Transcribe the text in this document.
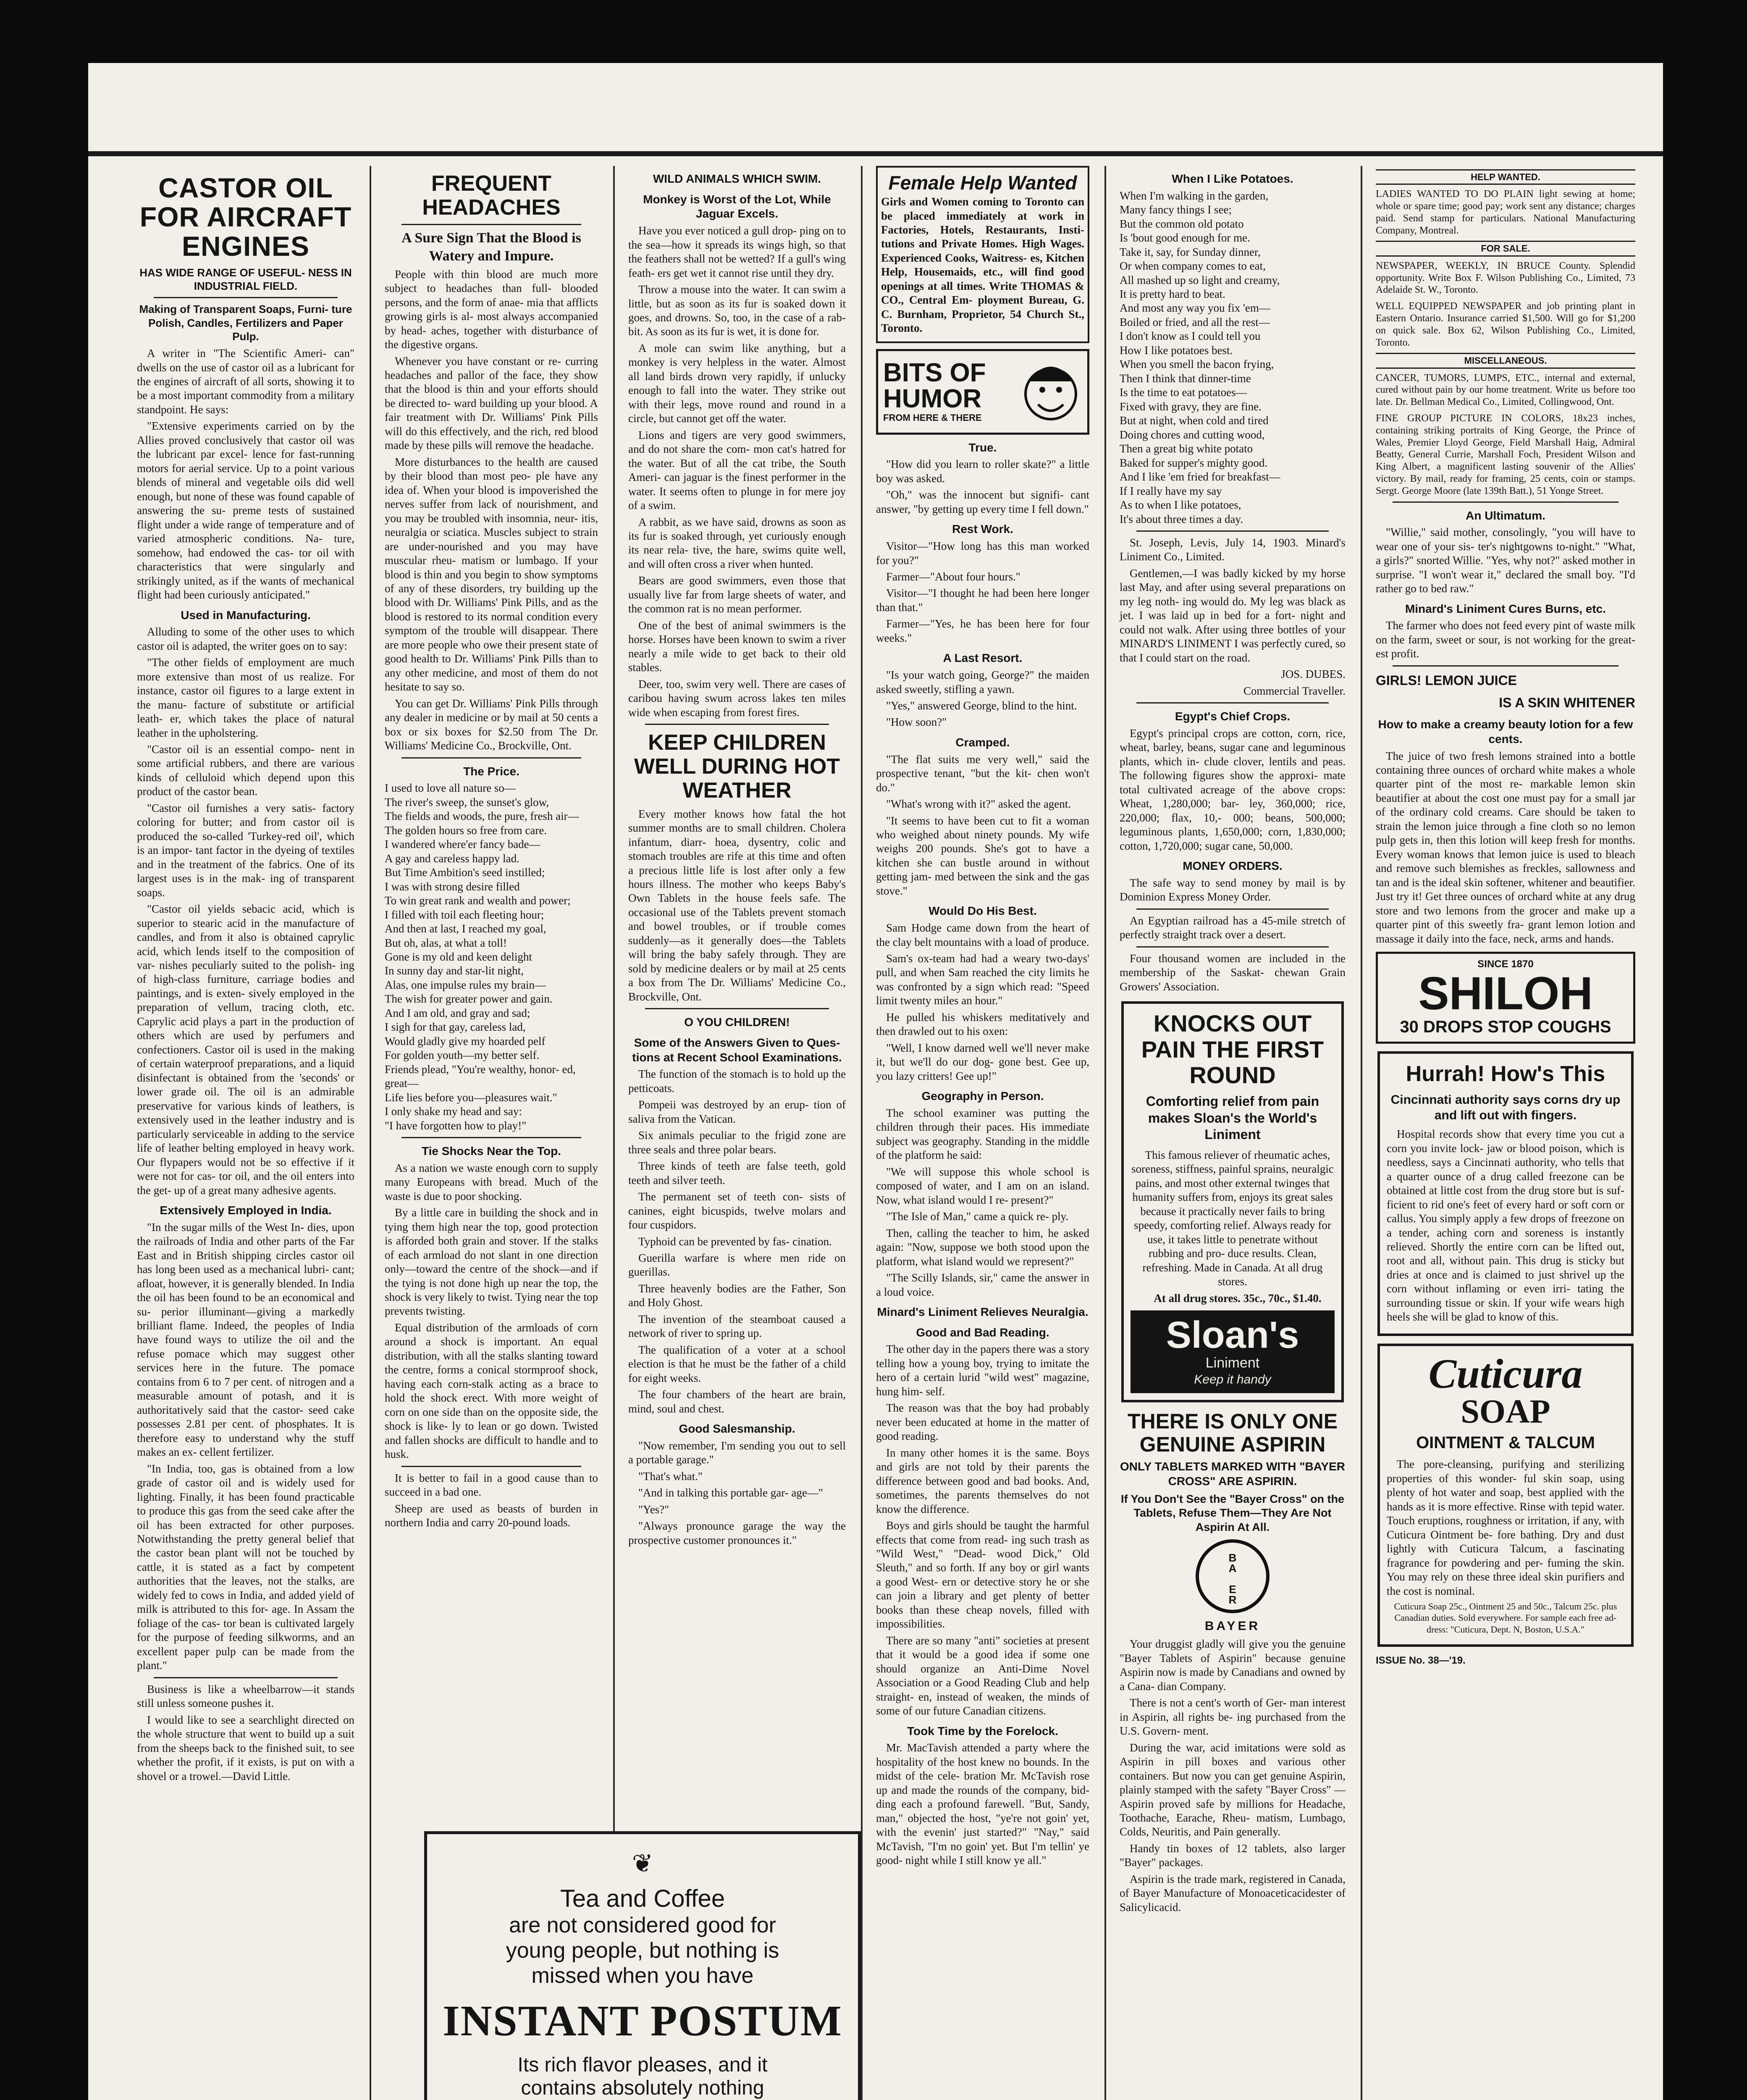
CASTOR OIL FOR AIRCRAFT ENGINES
HAS WIDE RANGE OF USEFUL- NESS IN INDUSTRIAL FIELD.
Making of Transparent Soaps, Furni- ture Polish, Candles, Fertilizers and Paper Pulp.

A writer in "The Scientific Ameri- can" dwells on the use of castor oil as a lubricant for the engines of aircraft of all sorts, showing it to be a most important commodity from a military standpoint. He says:

"Extensive experiments carried on by the Allies proved conclusively that castor oil was the lubricant par excel- lence for fast-running motors for aerial service. Up to a point various blends of mineral and vegetable oils did well enough, but none of these was found capable of answering the su- preme tests of sustained flight under a wide range of temperature and of varied atmospheric conditions. Na- ture, somehow, had endowed the cas- tor oil with characteristics that were singularly and strikingly united, as if the wants of mechanical flight had been curiously anticipated."

Used in Manufacturing.

Alluding to some of the other uses to which castor oil is adapted, the writer goes on to say:

"The other fields of employment are much more extensive than most of us realize. For instance, castor oil figures to a large extent in the manu- facture of substitute or artificial leath- er, which takes the place of natural leather in the upholstering.

"Castor oil is an essential compo- nent in some artificial rubbers, and there are various kinds of celluloid which depend upon this product of the castor bean.

"Castor oil furnishes a very satis- factory coloring for butter; and from castor oil is produced the so-called 'Turkey-red oil', which is an impor- tant factor in the dyeing of textiles and in the treatment of the fabrics. One of its largest uses is in the mak- ing of transparent soaps.

"Castor oil yields sebacic acid, which is superior to stearic acid in the manufacture of candles, and from it also is obtained caprylic acid, which lends itself to the composition of var- nishes peculiarly suited to the polish- ing of high-class furniture, carriage bodies and paintings, and is exten- sively employed in the preparation of vellum, tracing cloth, etc. Caprylic acid plays a part in the production of others which are used by perfumers and confectioners. Castor oil is used in the making of certain waterproof preparations, and a liquid disinfectant is obtained from the 'seconds' or lower grade oil. The oil is an admirable preservative for various kinds of leathers, is extensively used in the leather industry and is particularly serviceable in adding to the service life of leather belting employed in heavy work. Our flypapers would not be so effective if it were not for cas- tor oil, and the oil enters into the get- up of a great many adhesive agents.

Extensively Employed in India.

"In the sugar mills of the West In- dies, upon the railroads of India and other parts of the Far East and in British shipping circles castor oil has long been used as a mechanical lubri- cant; afloat, however, it is generally blended. In India the oil has been found to be an economical and su- perior illuminant—giving a markedly brilliant flame. Indeed, the peoples of India have found ways to utilize the oil and the refuse pomace which may suggest other services here in the future. The pomace contains from 6 to 7 per cent. of nitrogen and a measurable amount of potash, and it is authoritatively said that the castor- seed cake possesses 2.81 per cent. of phosphates. It is therefore easy to understand why the stuff makes an ex- cellent fertilizer.

"In India, too, gas is obtained from a low grade of castor oil and is widely used for lighting. Finally, it has been found practicable to produce this gas from the seed cake after the oil has been extracted for other purposes. Notwithstanding the pretty general belief that the castor bean plant will not be touched by cattle, it is stated as a fact by competent authorities that the leaves, not the stalks, are widely fed to cows in India, and added yield of milk is attributed to this for- age. In Assam the foliage of the cas- tor bean is cultivated largely for the purpose of feeding silkworms, and an excellent paper pulp can be made from the plant."

Business is like a wheelbarrow—it stands still unless someone pushes it.

I would like to see a searchlight directed on the whole structure that went to build up a suit from the sheeps back to the finished suit, to see whether the profit, if it exists, is put on with a shovel or a trowel.—David Little.

FREQUENT HEADACHES
A Sure Sign That the Blood is Watery and Impure.

People with thin blood are much more subject to headaches than full- blooded persons, and the form of anae- mia that afflicts growing girls is al- most always accompanied by head- aches, together with disturbance of the digestive organs.

Whenever you have constant or re- curring headaches and pallor of the face, they show that the blood is thin and your efforts should be directed to- ward building up your blood. A fair treatment with Dr. Williams' Pink Pills will do this effectively, and the rich, red blood made by these pills will remove the headache.

More disturbances to the health are caused by their blood than most peo- ple have any idea of. When your blood is impoverished the nerves suffer from lack of nourishment, and you may be troubled with insomnia, neur- itis, neuralgia or sciatica. Muscles subject to strain are under-nourished and you may have muscular rheu- matism or lumbago. If your blood is thin and you begin to show symptoms of any of these disorders, try building up the blood with Dr. Williams' Pink Pills, and as the blood is restored to its normal condition every symptom of the trouble will disappear. There are more people who owe their present state of good health to Dr. Williams' Pink Pills than to any other medicine, and most of them do not hesitate to say so.

You can get Dr. Williams' Pink Pills through any dealer in medicine or by mail at 50 cents a box or six boxes for $2.50 from The Dr. Williams' Medicine Co., Brockville, Ont.

The Price.

I used to love all nature so—

The river's sweep, the sunset's glow,

The fields and woods, the pure, fresh air—

The golden hours so free from care.

I wandered where'er fancy bade—

A gay and careless happy lad.

But Time Ambition's seed instilled;

I was with strong desire filled

To win great rank and wealth and power;

I filled with toil each fleeting hour;

And then at last, I reached my goal,

But oh, alas, at what a toll!

Gone is my old and keen delight

In sunny day and star-lit night,

Alas, one impulse rules my brain—

The wish for greater power and gain.

And I am old, and gray and sad;

I sigh for that gay, careless lad,

Would gladly give my hoarded pelf

For golden youth—my better self.

Friends plead, "You're wealthy, honor- ed, great—

Life lies before you—pleasures wait."

I only shake my head and say:

"I have forgotten how to play!"

Tie Shocks Near the Top.

As a nation we waste enough corn to supply many Europeans with bread. Much of the waste is due to poor shocking.

By a little care in building the shock and in tying them high near the top, good protection is afforded both grain and stover. If the stalks of each armload do not slant in one direction only—toward the centre of the shock—and if the tying is not done high up near the top, the shock is very likely to twist. Tying near the top prevents twisting.

Equal distribution of the armloads of corn around a shock is important. An equal distribution, with all the stalks slanting toward the centre, forms a conical stormproof shock, having each corn-stalk acting as a brace to hold the shock erect. With more weight of corn on one side than on the opposite side, the shock is like- ly to lean or go down. Twisted and fallen shocks are difficult to handle and to husk.

It is better to fail in a good cause than to succeed in a bad one.

Sheep are used as beasts of burden in northern India and carry 20-pound loads.

WILD ANIMALS WHICH SWIM.
Monkey is Worst of the Lot, While Jaguar Excels.

Have you ever noticed a gull drop- ping on to the sea—how it spreads its wings high, so that the feathers shall not be wetted? If a gull's wing feath- ers get wet it cannot rise until they dry.

Throw a mouse into the water. It can swim a little, but as soon as its fur is soaked down it goes, and drowns. So, too, in the case of a rab- bit. As soon as its fur is wet, it is done for.

A mole can swim like anything, but a monkey is very helpless in the water. Almost all land birds drown very rapidly, if unlucky enough to fall into the water. They strike out with their legs, move round and round in a circle, but cannot get off the water.

Lions and tigers are very good swimmers, and do not share the com- mon cat's hatred for the water. But of all the cat tribe, the South Ameri- can jaguar is the finest performer in the water. It seems often to plunge in for mere joy of a swim.

A rabbit, as we have said, drowns as soon as its fur is soaked through, yet curiously enough its near rela- tive, the hare, swims quite well, and will often cross a river when hunted.

Bears are good swimmers, even those that usually live far from large sheets of water, and the common rat is no mean performer.

One of the best of animal swimmers is the horse. Horses have been known to swim a river nearly a mile wide to get back to their old stables.

Deer, too, swim very well. There are cases of caribou having swum across lakes ten miles wide when escaping from forest fires.

KEEP CHILDREN WELL DURING HOT WEATHER

Every mother knows how fatal the hot summer months are to small children. Cholera infantum, diarr- hoea, dysentry, colic and stomach troubles are rife at this time and often a precious little life is lost after only a few hours illness. The mother who keeps Baby's Own Tablets in the house feels safe. The occasional use of the Tablets prevent stomach and bowel troubles, or if trouble comes suddenly—as it generally does—the Tablets will bring the baby safely through. They are sold by medicine dealers or by mail at 25 cents a box from The Dr. Williams' Medicine Co., Brockville, Ont.

O YOU CHILDREN!
Some of the Answers Given to Ques- tions at Recent School Examinations.

The function of the stomach is to hold up the petticoats.

Pompeii was destroyed by an erup- tion of saliva from the Vatican.

Six animals peculiar to the frigid zone are three seals and three polar bears.

Three kinds of teeth are false teeth, gold teeth and silver teeth.

The permanent set of teeth con- sists of canines, eight bicuspids, twelve molars and four cuspidors.

Typhoid can be prevented by fas- cination.

Guerilla warfare is where men ride on guerillas.

Three heavenly bodies are the Father, Son and Holy Ghost.

The invention of the steamboat caused a network of river to spring up.

The qualification of a voter at a school election is that he must be the father of a child for eight weeks.

The four chambers of the heart are brain, mind, soul and chest.

Good Salesmanship.

"Now remember, I'm sending you out to sell a portable garage."

"That's what."

"And in talking this portable gar- age—"

"Yes?"

"Always pronounce garage the way the prospective customer pronounces it."

❦
Tea and Coffee
are not considered good for
young people, but nothing is
missed when you have
INSTANT POSTUM
Its rich flavor pleases, and it
contains absolutely nothing
Female Help Wanted

Girls and Women coming to Toronto can be placed immediately at work in Factories, Hotels, Restaurants, Insti- tutions and Private Homes. High Wages. Experienced Cooks, Waitress- es, Kitchen Help, Housemaids, etc., will find good openings at all times. Write THOMAS & CO., Central Em- ployment Bureau, G. C. Burnham, Proprietor, 54 Church St., Toronto.

BITS OF
HUMOR
FROM HERE & THERE
True.

"How did you learn to roller skate?" a little boy was asked.

"Oh," was the innocent but signifi- cant answer, "by getting up every time I fell down."

Rest Work.

Visitor—"How long has this man worked for you?"

Farmer—"About four hours."

Visitor—"I thought he had been here longer than that."

Farmer—"Yes, he has been here for four weeks."

A Last Resort.

"Is your watch going, George?" the maiden asked sweetly, stifling a yawn.

"Yes," answered George, blind to the hint.

"How soon?"

Cramped.

"The flat suits me very well," said the prospective tenant, "but the kit- chen won't do."

"What's wrong with it?" asked the agent.

"It seems to have been cut to fit a woman who weighed about ninety pounds. My wife weighs 200 pounds. She's got to have a kitchen she can bustle around in without getting jam- med between the sink and the gas stove."

Would Do His Best.

Sam Hodge came down from the heart of the clay belt mountains with a load of produce.

Sam's ox-team had had a weary two-days' pull, and when Sam reached the city limits he was confronted by a sign which read: "Speed limit twenty miles an hour."

He pulled his whiskers meditatively and then drawled out to his oxen:

"Well, I know darned well we'll never make it, but we'll do our dog- gone best. Gee up, you lazy critters! Gee up!"

Geography in Person.

The school examiner was putting the children through their paces. His immediate subject was geography. Standing in the middle of the platform he said:

"We will suppose this whole school is composed of water, and I am on an island. Now, what island would I re- present?"

"The Isle of Man," came a quick re- ply.

Then, calling the teacher to him, he asked again: "Now, suppose we both stood upon the platform, what island would we represent?"

"The Scilly Islands, sir," came the answer in a loud voice.

Minard's Liniment Relieves Neuralgia.
Good and Bad Reading.

The other day in the papers there was a story telling how a young boy, trying to imitate the hero of a certain lurid "wild west" magazine, hung him- self.

The reason was that the boy had probably never been educated at home in the matter of good reading.

In many other homes it is the same. Boys and girls are not told by their parents the difference between good and bad books. And, sometimes, the parents themselves do not know the difference.

Boys and girls should be taught the harmful effects that come from read- ing such trash as "Wild West," "Dead- wood Dick," Old Sleuth," and so forth. If any boy or girl wants a good West- ern or detective story he or she can join a library and get plenty of better books than these cheap novels, filled with impossibilities.

There are so many "anti" societies at present that it would be a good idea if some one should organize an Anti-Dime Novel Association or a Good Reading Club and help straight- en, instead of weaken, the minds of some of our future Canadian citizens.

Took Time by the Forelock.

Mr. MacTavish attended a party where the hospitality of the host knew no bounds. In the midst of the cele- bration Mr. McTavish rose up and made the rounds of the company, bid- ding each a profound farewell. "But, Sandy, man," objected the host, "ye're not goin' yet, with the evenin' just started?" "Nay," said McTavish, "I'm no goin' yet. But I'm tellin' ye good- night while I still know ye all."

When I Like Potatoes.

When I'm walking in the garden,

Many fancy things I see;

But the common old potato

Is 'bout good enough for me.

Take it, say, for Sunday dinner,

Or when company comes to eat,

All mashed up so light and creamy,

It is pretty hard to beat.

And most any way you fix 'em—

Boiled or fried, and all the rest—

I don't know as I could tell you

How I like potatoes best.

When you smell the bacon frying,

Then I think that dinner-time

Is the time to eat potatoes—

Fixed with gravy, they are fine.

But at night, when cold and tired

Doing chores and cutting wood,

Then a great big white potato

Baked for supper's mighty good.

And I like 'em fried for breakfast—

If I really have my say

As to when I like potatoes,

It's about three times a day.

St. Joseph, Levis, July 14, 1903. Minard's Liniment Co., Limited.

Gentlemen,—I was badly kicked by my horse last May, and after using several preparations on my leg noth- ing would do. My leg was black as jet. I was laid up in bed for a fort- night and could not walk. After using three bottles of your MINARD'S LINIMENT I was perfectly cured, so that I could start on the road.

JOS. DUBES.

Commercial Traveller.

Egypt's Chief Crops.

Egypt's principal crops are cotton, corn, rice, wheat, barley, beans, sugar cane and leguminous plants, which in- clude clover, lentils and peas. The following figures show the approxi- mate total cultivated acreage of the above crops: Wheat, 1,280,000; bar- ley, 360,000; rice, 220,000; flax, 10,- 000; beans, 500,000; leguminous plants, 1,650,000; corn, 1,830,000; cotton, 1,720,000; sugar cane, 50,000.

MONEY ORDERS.

The safe way to send money by mail is by Dominion Express Money Order.

An Egyptian railroad has a 45-mile stretch of perfectly straight track over a desert.

Four thousand women are included in the membership of the Saskat- chewan Grain Growers' Association.

KNOCKS OUT PAIN THE FIRST ROUND
Comforting relief from pain makes Sloan's the World's Liniment

This famous reliever of rheumatic aches, soreness, stiffness, painful sprains, neuralgic pains, and most other external twinges that humanity suffers from, enjoys its great sales because it practically never fails to bring speedy, comforting relief. Always ready for use, it takes little to penetrate without rubbing and pro- duce results. Clean, refreshing. Made in Canada. At all drug stores.

At all drug stores. 35c., 70c., $1.40.

Sloan's
Liniment
Keep it handy
THERE IS ONLY ONE GENUINE ASPIRIN
ONLY TABLETS MARKED WITH "BAYER CROSS" ARE ASPIRIN.
If You Don't See the "Bayer Cross" on the Tablets, Refuse Them—They Are Not Aspirin At All.
B
A
E
R
BAYER

Your druggist gladly will give you the genuine "Bayer Tablets of Aspirin" because genuine Aspirin now is made by Canadians and owned by a Cana- dian Company.

There is not a cent's worth of Ger- man interest in Aspirin, all rights be- ing purchased from the U.S. Govern- ment.

During the war, acid imitations were sold as Aspirin in pill boxes and various other containers. But now you can get genuine Aspirin, plainly stamped with the safety "Bayer Cross" —Aspirin proved safe by millions for Headache, Toothache, Earache, Rheu- matism, Lumbago, Colds, Neuritis, and Pain generally.

Handy tin boxes of 12 tablets, also larger "Bayer" packages.

Aspirin is the trade mark, registered in Canada, of Bayer Manufacture of Monoaceticacidester of Salicylicacid.

HELP WANTED.

LADIES WANTED TO DO PLAIN light sewing at home; whole or spare time; good pay; work sent any distance; charges paid. Send stamp for particulars. National Manufacturing Company, Montreal.

FOR SALE.

NEWSPAPER, WEEKLY, IN BRUCE County. Splendid opportunity. Write Box F. Wilson Publishing Co., Limited, 73 Adelaide St. W., Toronto.

WELL EQUIPPED NEWSPAPER and job printing plant in Eastern Ontario. Insurance carried $1,500. Will go for $1,200 on quick sale. Box 62, Wilson Publishing Co., Limited, Toronto.

MISCELLANEOUS.

CANCER, TUMORS, LUMPS, ETC., internal and external, cured without pain by our home treatment. Write us before too late. Dr. Bellman Medical Co., Limited, Collingwood, Ont.

FINE GROUP PICTURE IN COLORS, 18x23 inches, containing striking portraits of King George, the Prince of Wales, Premier Lloyd George, Field Marshall Haig, Admiral Beatty, General Currie, Marshall Foch, President Wilson and King Albert, a magnificent lasting souvenir of the Allies' victory. By mail, ready for framing, 25 cents, coin or stamps. Sergt. George Moore (late 139th Batt.), 51 Yonge Street.

An Ultimatum.

"Willie," said mother, consolingly, "you will have to wear one of your sis- ter's nightgowns to-night." "What, a girls?" snorted Willie. "Yes, why not?" asked mother in surprise. "I won't wear it," declared the small boy. "I'd rather go to bed raw."

Minard's Liniment Cures Burns, etc.

The farmer who does not feed every pint of waste milk on the farm, sweet or sour, is not working for the great- est profit.

GIRLS! LEMON JUICE
IS A SKIN WHITENER
How to make a creamy beauty lotion for a few cents.

The juice of two fresh lemons strained into a bottle containing three ounces of orchard white makes a whole quarter pint of the most re- markable lemon skin beautifier at about the cost one must pay for a small jar of the ordinary cold creams. Care should be taken to strain the lemon juice through a fine cloth so no lemon pulp gets in, then this lotion will keep fresh for months. Every woman knows that lemon juice is used to bleach and remove such blemishes as freckles, sallowness and tan and is the ideal skin softener, whitener and beautifier. Just try it! Get three ounces of orchard white at any drug store and two lemons from the grocer and make up a quarter pint of this sweetly fra- grant lemon lotion and massage it daily into the face, neck, arms and hands.

SINCE 1870
SHILOH
30 DROPS STOP COUGHS
Hurrah! How's This
Cincinnati authority says corns dry up and lift out with fingers.

Hospital records show that every time you cut a corn you invite lock- jaw or blood poison, which is needless, says a Cincinnati authority, who tells that a quarter ounce of a drug called freezone can be obtained at little cost from the drug store but is suf- ficient to rid one's feet of every hard or soft corn or callus. You simply apply a few drops of freezone on a tender, aching corn and soreness is instantly relieved. Shortly the entire corn can be lifted out, root and all, without pain. This drug is sticky but dries at once and is claimed to just shrivel up the corn without inflaming or even irri- tating the surrounding tissue or skin. If your wife wears high heels she will be glad to know of this.

Cuticura
SOAP
OINTMENT & TALCUM

The pore-cleansing, purifying and sterilizing properties of this wonder- ful skin soap, using plenty of hot water and soap, best applied with the hands as it is more effective. Rinse with tepid water. Touch eruptions, roughness or irritation, if any, with Cuticura Ointment be- fore bathing. Dry and dust lightly with Cuticura Talcum, a fascinating fragrance for powdering and per- fuming the skin. You may rely on these three ideal skin purifiers and the cost is nominal.

Cuticura Soap 25c., Ointment 25 and 50c., Talcum 25c. plus Canadian duties. Sold everywhere. For sample each free ad- dress: "Cuticura, Dept. N, Boston, U.S.A."

ISSUE No. 38—'19.
